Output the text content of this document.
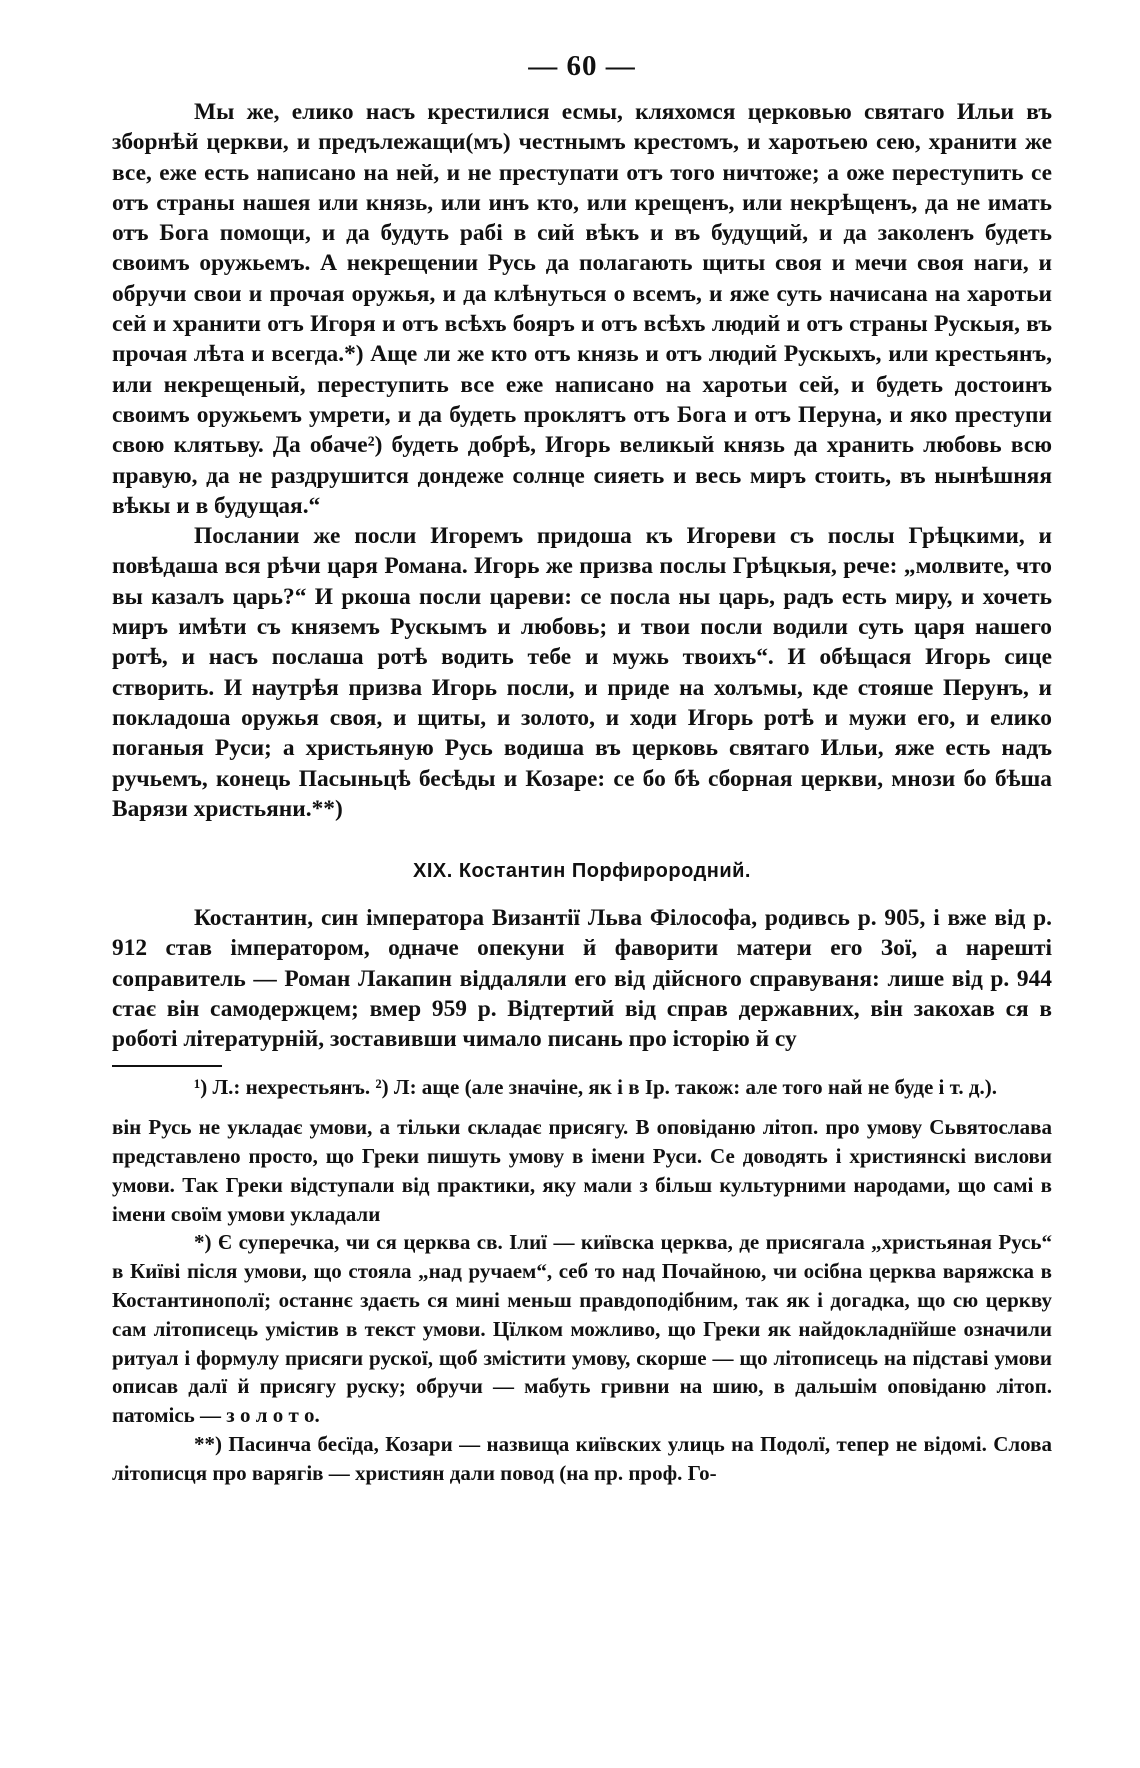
— 60 —

Мы же, елико насъ крестилися есмы, кляхомся церковью святаго Ильи въ зборнѣй церкви, и предълежащи(мъ) честнымъ крестомъ, и харотьею сею, хранити же все, еже есть написано на ней, и не преступати отъ того ничтоже; а оже переступить се отъ страны нашея или князь, или инъ кто, или крещенъ, или некрѣщенъ, да не имать отъ Бога помощи, и да будуть рабі в сий вѣкъ и въ будущий, и да заколенъ будеть своимъ оружьемъ. А некрещении Русь да полагають щиты своя и мечи своя наги, и обручи свои и прочая оружья, и да клѣнуться о всемъ, и яже суть начисана на харотьи сей и хранити отъ Игоря и отъ всѣхъ бояръ и отъ всѣхъ людий и отъ страны Рускыя, въ прочая лѣта и всегда.*) Аще ли же кто отъ князь и отъ людий Рускыхъ, или крестьянъ, или некрещеный, переступить все еже написано на харотьи сей, и будеть достоинъ своимъ оружьемъ умрети, и да будеть проклятъ отъ Бога и отъ Перуна, и яко преступи свою клятьву. Да обаче²) будеть добрѣ, Игорь великый князь да хранить любовь всю правую, да не раздрушится дондеже солнце сияеть и весь миръ стоить, въ нынѣшняя вѣкы и в будущая.“

Послании же посли Игоремъ придоша къ Игореви съ послы Грѣцкими, и повѣдаша вся рѣчи царя Романа. Игорь же призва послы Грѣцкыя, рече: „молвите, что вы казалъ царь?“ И ркоша посли цареви: се посла ны царь, радъ есть миру, и хочеть миръ имѣти съ княземъ Рускымъ и любовь; и твои посли водили суть царя нашего ротѣ, и насъ послаша ротѣ водить тебе и мужь твоихъ“. И обѣщася Игорь сице створить. И наутрѣя призва Игорь посли, и приде на холъмы, кде стояше Перунъ, и покладоша оружья своя, и щиты, и золото, и ходи Игорь ротѣ и мужи его, и елико поганыя Руси; а христьяную Русь водиша въ церковь святаго Ильи, яже есть надъ ручьемъ, конець Пасыньцѣ бесѣды и Козаре: се бо бѣ сборная церкви, мнози бо бѣша Варязи христьяни.**)

XIX. Костантин Порфирородний.

Костантин, син імператора Византії Льва Філософа, родивсь р. 905, і вже від р. 912 став імператором, одначе опекуни й фаворити матери его Зої, а нарешті соправитель — Роман Лакапин віддаляли его від дійсного справуваня: лише від р. 944 стає він самодержцем; вмер 959 р. Відтертий від справ державних, він закохав ся в роботі літературній, зоставивши чимало писань про історію й су

¹) Л.: нехрестьянъ. ²) Л: аще (але значіне, як і в Ip. також: але того най не буде і т. д.).

він Русь не укладає умови, а тільки складає присягу. В оповіданю літоп. про умову Сьвятослава представлено просто, що Греки пишуть умову в імени Руси. Се доводять і християнскі вислови умови. Так Греки відступали від практики, яку мали з більш культурними народами, що самі в імени своїм умови укладали

*) Є суперечка, чи ся церква св. Ілиї — київска церква, де присягала „христьяная Русь“ в Київі після умови, що стояла „над ручаем“, себ то над Почайною, чи осібна церква варяжска в Костантинополї; останнє здаєть ся мині меньш правдоподібним, так як і догадка, що сю церкву сам літописець умістив в текст умови. Цїлком можливо, що Греки як найдокладнїйше означили ритуал і формулу присяги рускої, щоб змістити умову, скорше — що літописець на підставі умови описав далї й присягу руску; обручи — мабуть гривни на шию, в дальшім оповіданю літоп. патомісь — з о л о т о.

**) Пасинча бесїда, Козари — назвища київских улиць на Подолї, тепер не відомі. Слова літописця про варягів — християн дали повод (на пр. проф. Го-
